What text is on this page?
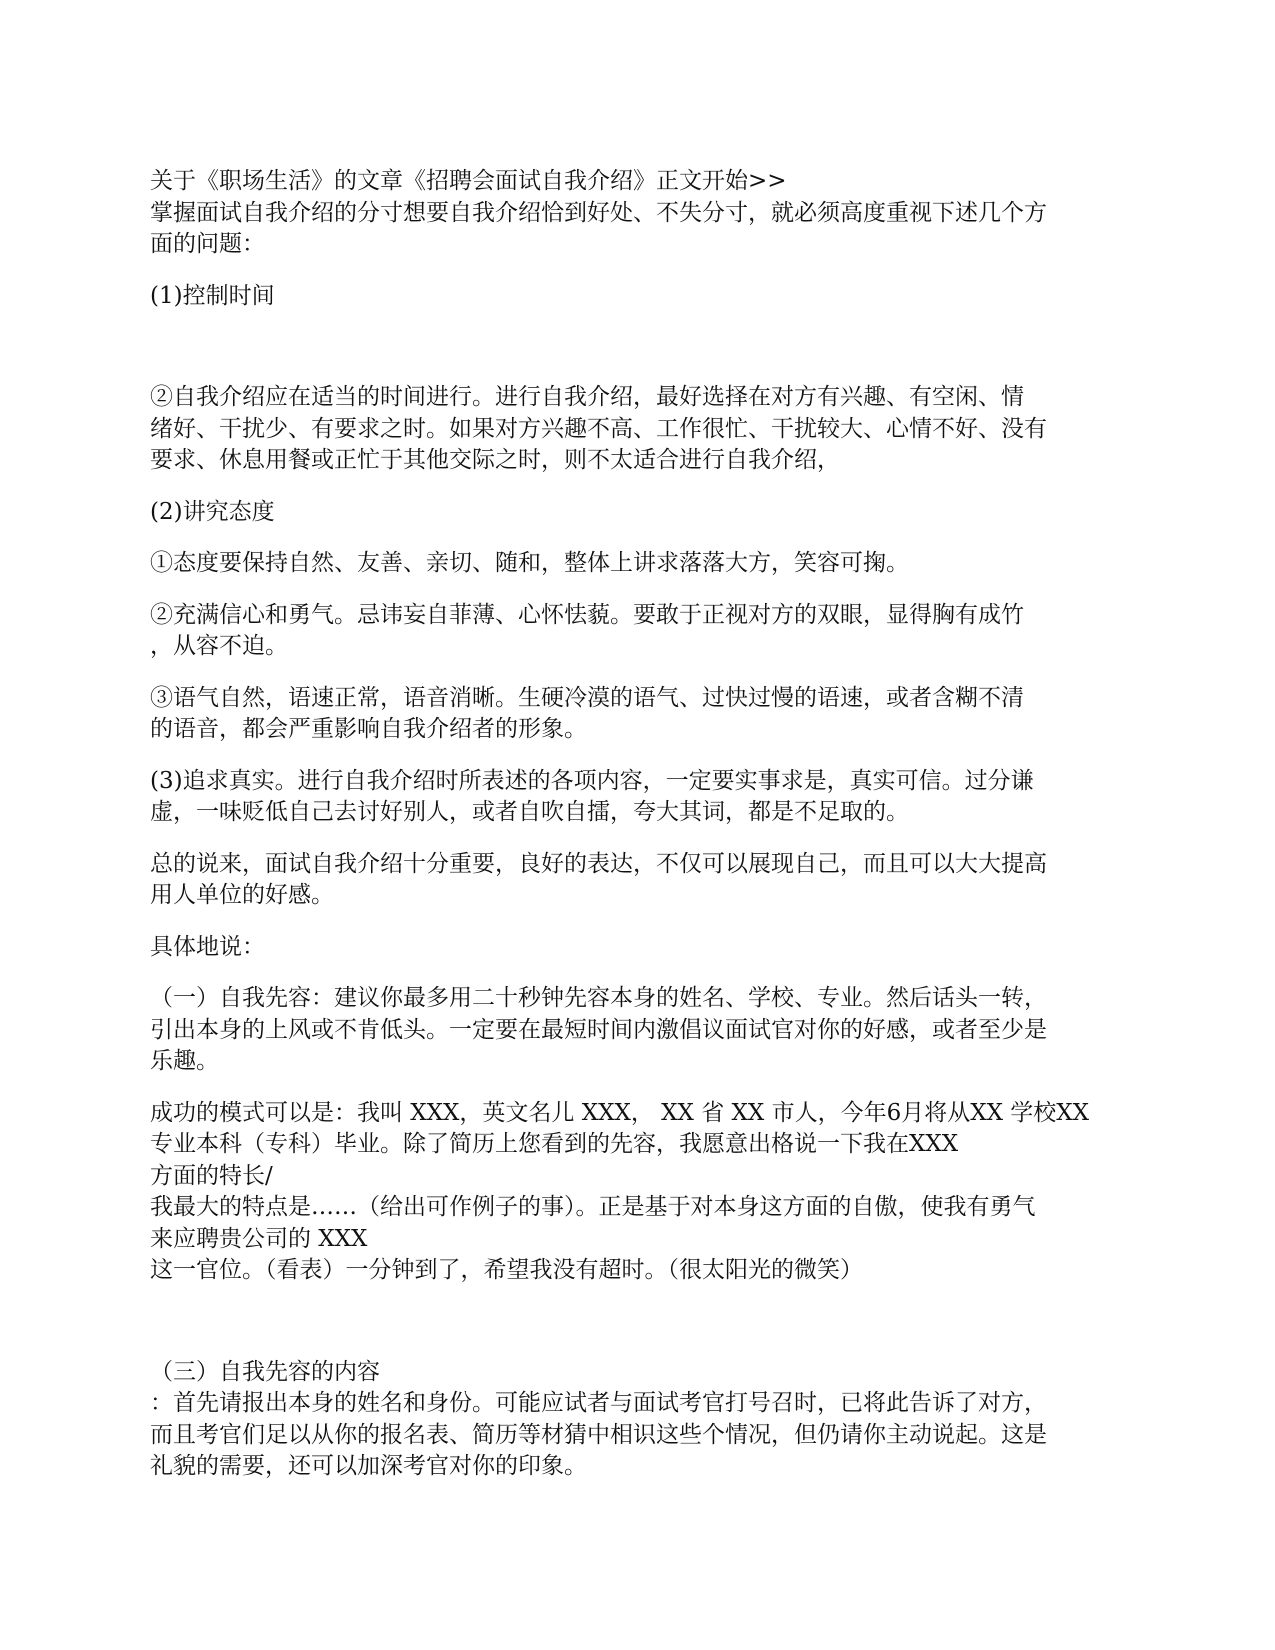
关于《职场生活》的文章《招聘会面试自我介绍》正文开始>>
掌握面试自我介绍的分寸想要自我介绍恰到好处、不失分寸，就必须高度重视下述几个方
面的问题：
(1)控制时间
②自我介绍应在适当的时间进行。进行自我介绍，最好选择在对方有兴趣、有空闲、情
绪好、干扰少、有要求之时。如果对方兴趣不高、工作很忙、干扰较大、心情不好、没有
要求、休息用餐或正忙于其他交际之时，则不太适合进行自我介绍，
(2)讲究态度
①态度要保持自然、友善、亲切、随和，整体上讲求落落大方，笑容可掬。
②充满信心和勇气。忌讳妄自菲薄、心怀怯藐。要敢于正视对方的双眼，显得胸有成竹
，从容不迫。
③语气自然，语速正常，语音消晰。生硬冷漠的语气、过快过慢的语速，或者含糊不清
的语音，都会严重影响自我介绍者的形象。
(3)追求真实。进行自我介绍时所表述的各项内容，一定要实事求是，真实可信。过分谦
虚，一味贬低自己去讨好别人，或者自吹自擂，夸大其词，都是不足取的。
总的说来，面试自我介绍十分重要，良好的表达，不仅可以展现自己，而且可以大大提高
用人单位的好感。
具体地说：
（一）自我先容：建议你最多用二十秒钟先容本身的姓名、学校、专业。然后话头一转，
引出本身的上风或不肯低头。一定要在最短时间内激倡议面试官对你的好感，或者至少是
乐趣。
成功的模式可以是：我叫 XXX，英文名儿 XXX， XX 省 XX 市人，今年6月将从XX 学校XX
专业本科（专科）毕业。除了简历上您看到的先容，我愿意出格说一下我在XXX
方面的特长/
我最大的特点是……（给出可作例子的事）。正是基于对本身这方面的自傲，使我有勇气
来应聘贵公司的 XXX
这一官位。（看表）一分钟到了，希望我没有超时。（很太阳光的微笑）
（三）自我先容的内容
：首先请报出本身的姓名和身份。可能应试者与面试考官打号召时，已将此告诉了对方，
而且考官们足以从你的报名表、简历等材猜中相识这些个情况，但仍请你主动说起。这是
礼貌的需要，还可以加深考官对你的印象。
